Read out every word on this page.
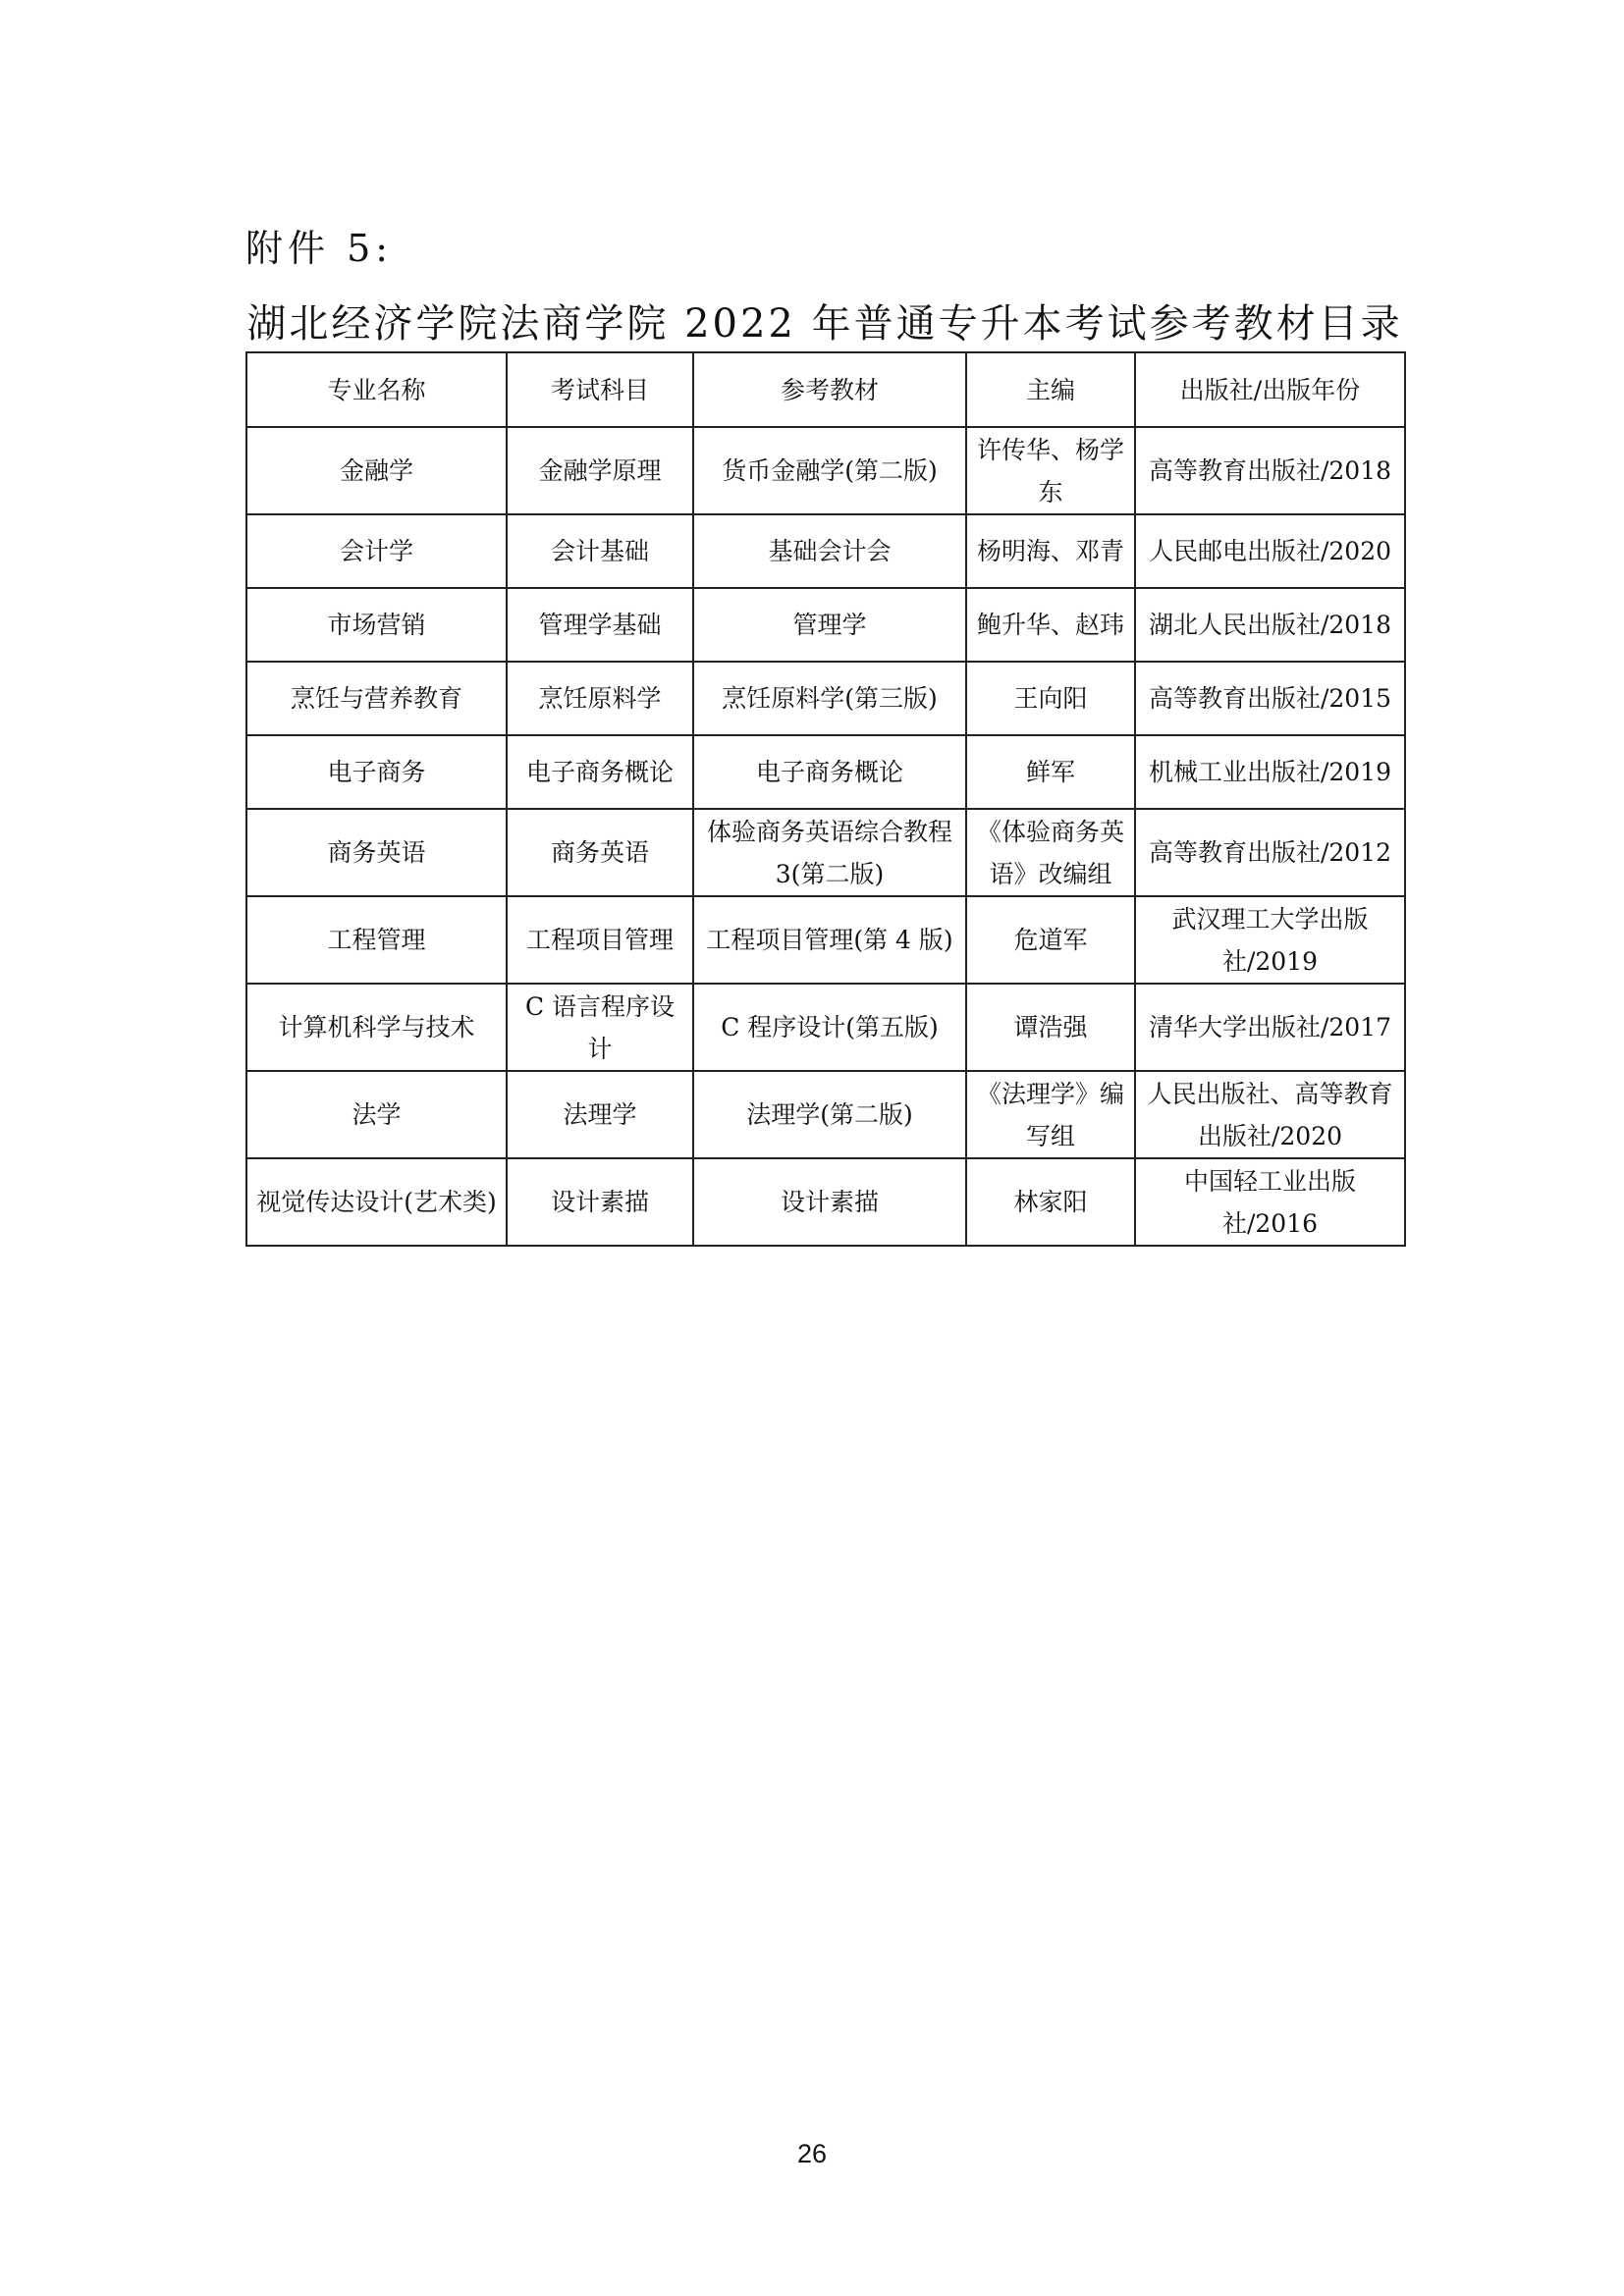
附件 5:
湖北经济学院法商学院 2022 年普通专升本考试参考教材目录
专业名称	考试科目	参考教材	主编	出版社/出版年份
金融学	金融学原理	货币金融学(第二版)	许传华、杨学东	高等教育出版社/2018
会计学	会计基础	基础会计会	杨明海、邓青	人民邮电出版社/2020
市场营销	管理学基础	管理学	鲍升华、赵玮	湖北人民出版社/2018
烹饪与营养教育	烹饪原料学	烹饪原料学(第三版)	王向阳	高等教育出版社/2015
电子商务	电子商务概论	电子商务概论	鲜军	机械工业出版社/2019
商务英语	商务英语	体验商务英语综合教程 3(第二版)	《体验商务英语》改编组	高等教育出版社/2012
工程管理	工程项目管理	工程项目管理(第 4 版)	危道军	武汉理工大学出版社/2019
计算机科学与技术	C 语言程序设计	C 程序设计(第五版)	谭浩强	清华大学出版社/2017
法学	法理学	法理学(第二版)	《法理学》编写组	人民出版社、高等教育出版社/2020
视觉传达设计(艺术类)	设计素描	设计素描	林家阳	中国轻工业出版社/2016
26
